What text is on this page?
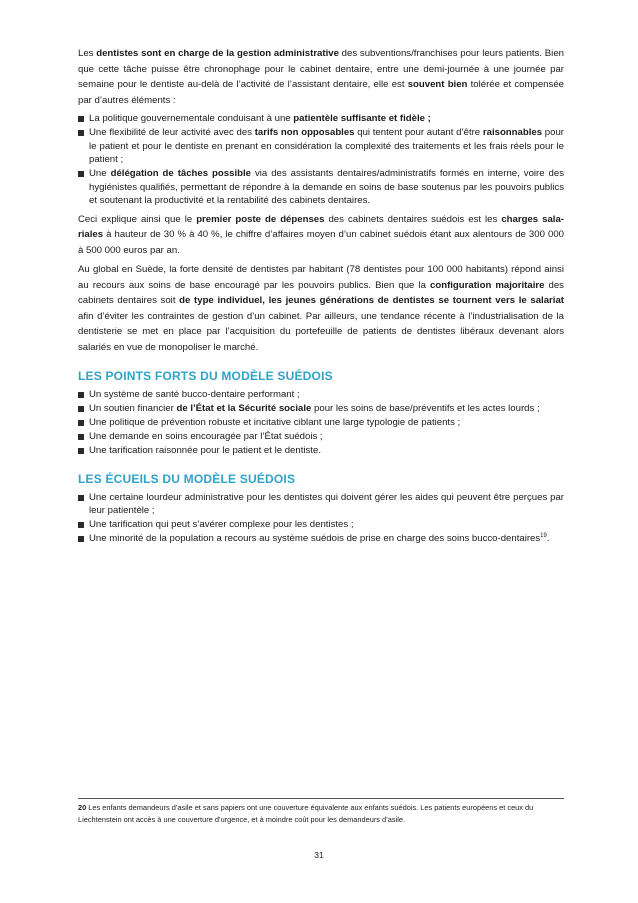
Les dentistes sont en charge de la gestion administrative des subventions/franchises pour leurs patients. Bien que cette tâche puisse être chronophage pour le cabinet dentaire, entre une demi-journée à une journée par semaine pour le dentiste au-delà de l’activité de l’assistant dentaire, elle est souvent bien tolérée et compensée par d’autres éléments :

La politique gouvernementale conduisant à une patientèle suffisante et fidèle ;
Une flexibilité de leur activité avec des tarifs non opposables qui tentent pour autant d’être raisonnables pour le patient et pour le dentiste en prenant en considération la complexité des traitements et les frais réels pour le patient ;
Une délégation de tâches possible via des assistants dentaires/administratifs formés en interne, voire des hygiénistes qualifiés, permettant de répondre à la demande en soins de base soutenus par les pouvoirs publics et soutenant la productivité et la rentabilité des cabinets dentaires.

Ceci explique ainsi que le premier poste de dépenses des cabinets dentaires suédois est les charges sala-riales à hauteur de 30 % à 40 %, le chiffre d’affaires moyen d’un cabinet suédois étant aux alentours de 300 000 à 500 000 euros par an.

Au global en Suède, la forte densité de dentistes par habitant (78 dentistes pour 100 000 habitants) répond ainsi au recours aux soins de base encouragé par les pouvoirs publics. Bien que la configuration majoritaire des cabinets dentaires soit de type individuel, les jeunes générations de dentistes se tournent vers le salariat afin d’éviter les contraintes de gestion d’un cabinet. Par ailleurs, une tendance récente à l’industrialisation de la dentisterie se met en place par l’acquisition du portefeuille de patients de dentistes libéraux devenant alors salariés en vue de monopoliser le marché.

LES POINTS FORTS DU MODÈLE SUÉDOIS
Un système de santé bucco-dentaire performant ;
Un soutien financier de l’État et la Sécurité sociale pour les soins de base/préventifs et les actes lourds ;
Une politique de prévention robuste et incitative ciblant une large typologie de patients ;
Une demande en soins encouragée par l’État suédois ;
Une tarification raisonnée pour le patient et le dentiste.
LES ÉCUEILS DU MODÈLE SUÉDOIS
Une certaine lourdeur administrative pour les dentistes qui doivent gérer les aides qui peuvent être perçues par leur patientèle ;
Une tarification qui peut s’avérer complexe pour les dentistes ;
Une minorité de la population a recours au système suédois de prise en charge des soins bucco-dentaires$^{19}$.
20 Les enfants demandeurs d’asile et sans papiers ont une couverture équivalente aux enfants suédois. Les patients européens et ceux du Liechtenstein ont accès à une couverture d’urgence, et à moindre coût pour les demandeurs d’asile.
31
